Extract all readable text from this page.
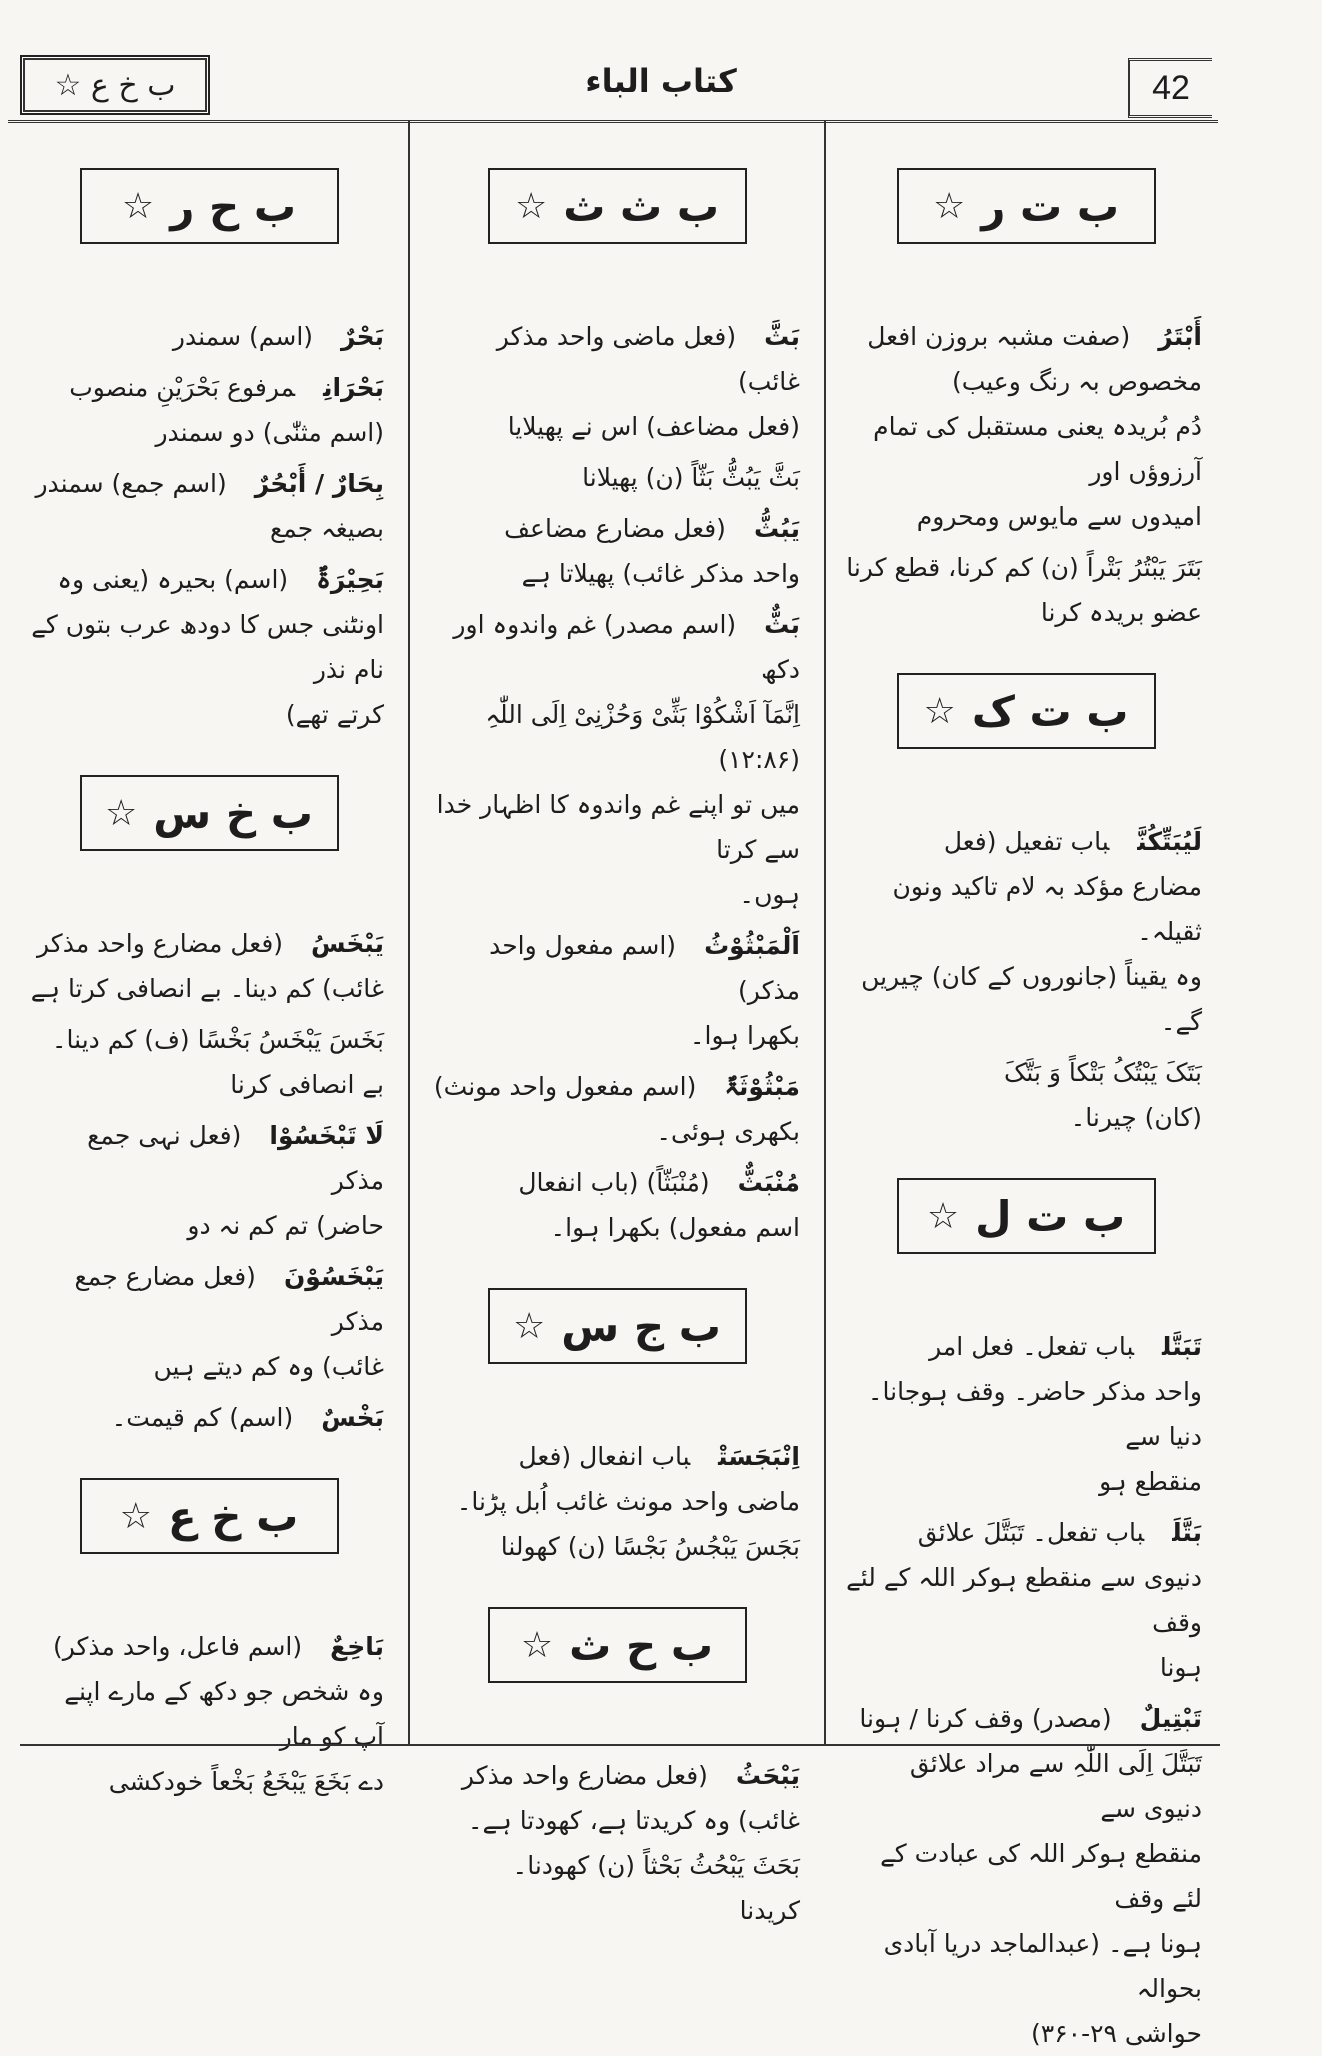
ب خ ع ☆	كتاب الباء	42
ب ت ر
☆
أَبْتَرُ(صفت مشبہ بروزن افعل
مخصوص بہ رنگ وعیب)
دُم بُریدہ یعنی مستقبل کی تمام آرزوؤں اور
امیدوں سے مایوس ومحروم
بَتَرَ یَبْتُرُ بَتْراً (ن) کم کرنا، قطع کرنا
عضو بریدہ کرنا
ب ت ک
☆
لَیُبَتِّکُنَّباب تفعیل (فعل
مضارع مؤکد بہ لام تاکید ونون ثقیلہ۔
وہ یقیناً (جانوروں کے کان) چیریں گے۔
بَتَکَ یَبْتُکُ بَتْکاً وَ بَتَّکَ
(کان) چیرنا۔
ب ت ل
☆
تَبَتَّلباب تفعل۔ فعل امر
واحد مذکر حاضر۔ وقف ہوجانا۔ دنیا سے
منقطع ہو
بَتَّلَباب تفعل۔ تَبَتَّلَ علائق
دنیوی سے منقطع ہوکر اللہ کے لئے وقف
ہونا
تَبْتِیلٌ(مصدر) وقف کرنا / ہونا
تَبَتَّلَ اِلَی اللّٰہِ سے مراد علائق دنیوی سے
منقطع ہوکر اللہ کی عبادت کے لئے وقف
ہونا ہے۔ (عبدالماجد دریا آبادی بحوالہ
حواشی ۲۹-۳۶۰)
ب ث ث
☆
بَثَّ(فعل ماضی واحد مذکر غائب)
(فعل مضاعف) اس نے پھیلایا
بَثَّ یَبُثُّ بَثّاً (ن) پھیلانا
یَبُثُّ(فعل مضارع مضاعف
واحد مذکر غائب) پھیلاتا ہے
بَثٌّ(اسم مصدر) غم واندوہ اور دکھ
اِنَّمَآ اَشْکُوْا بَثِّیْ وَحُزْنِیْ اِلَی اللّٰہِ
(۱۲:۸۶)
میں تو اپنے غم واندوہ کا اظہار خدا سے کرتا
ہوں۔
اَلْمَبْثُوْثُ(اسم مفعول واحد مذکر)
بکھرا ہوا۔
مَبْثُوْثَۃٌ(اسم مفعول واحد مونث)
بکھری ہوئی۔
مُنْبَثٌّ(مُنْبَثّاً) (باب انفعال
اسم مفعول) بکھرا ہوا۔
ب ج س
☆
اِنْبَجَسَتْباب انفعال (فعل
ماضی واحد مونث غائب اُبل پڑنا۔
بَجَسَ یَبْجُسُ بَجْسًا (ن) کھولنا
ب ح ث
☆
یَبْحَثُ(فعل مضارع واحد مذکر
غائب) وہ کریدتا ہے، کھودتا ہے۔
بَحَثَ یَبْحُثُ بَحْثاً (ن) کھودنا۔
کریدنا
ب ح ر
☆
بَحْرٌ(اسم) سمندر
بَحْرَانِمرفوع بَحْرَیْنِ منصوب
(اسم مثنّٰی) دو سمندر
بِحَارٌ / أَبْحُرٌ(اسم جمع) سمندر
بصیغہ جمع
بَحِیْرَۃٌ(اسم) بحیرہ (یعنی وہ
اونٹنی جس کا دودھ عرب بتوں کے نام نذر
کرتے تھے)
ب خ س
☆
یَبْخَسُ(فعل مضارع واحد مذکر
غائب) کم دینا۔ بے انصافی کرتا ہے
بَخَسَ یَبْخَسُ بَخْسًا (ف) کم دینا۔
بے انصافی کرنا
لَا تَبْخَسُوْا(فعل نہی جمع مذکر
حاضر) تم کم نہ دو
یَبْخَسُوْنَ(فعل مضارع جمع مذکر
غائب) وہ کم دیتے ہیں
بَخْسٌ(اسم) کم قیمت۔
ب خ ع
☆
بَاخِعٌ(اسم فاعل، واحد مذکر)
وہ شخص جو دکھ کے مارے اپنے آپ کو مار
دے بَخَعَ یَبْخَعُ بَخْعاً خودکشی
